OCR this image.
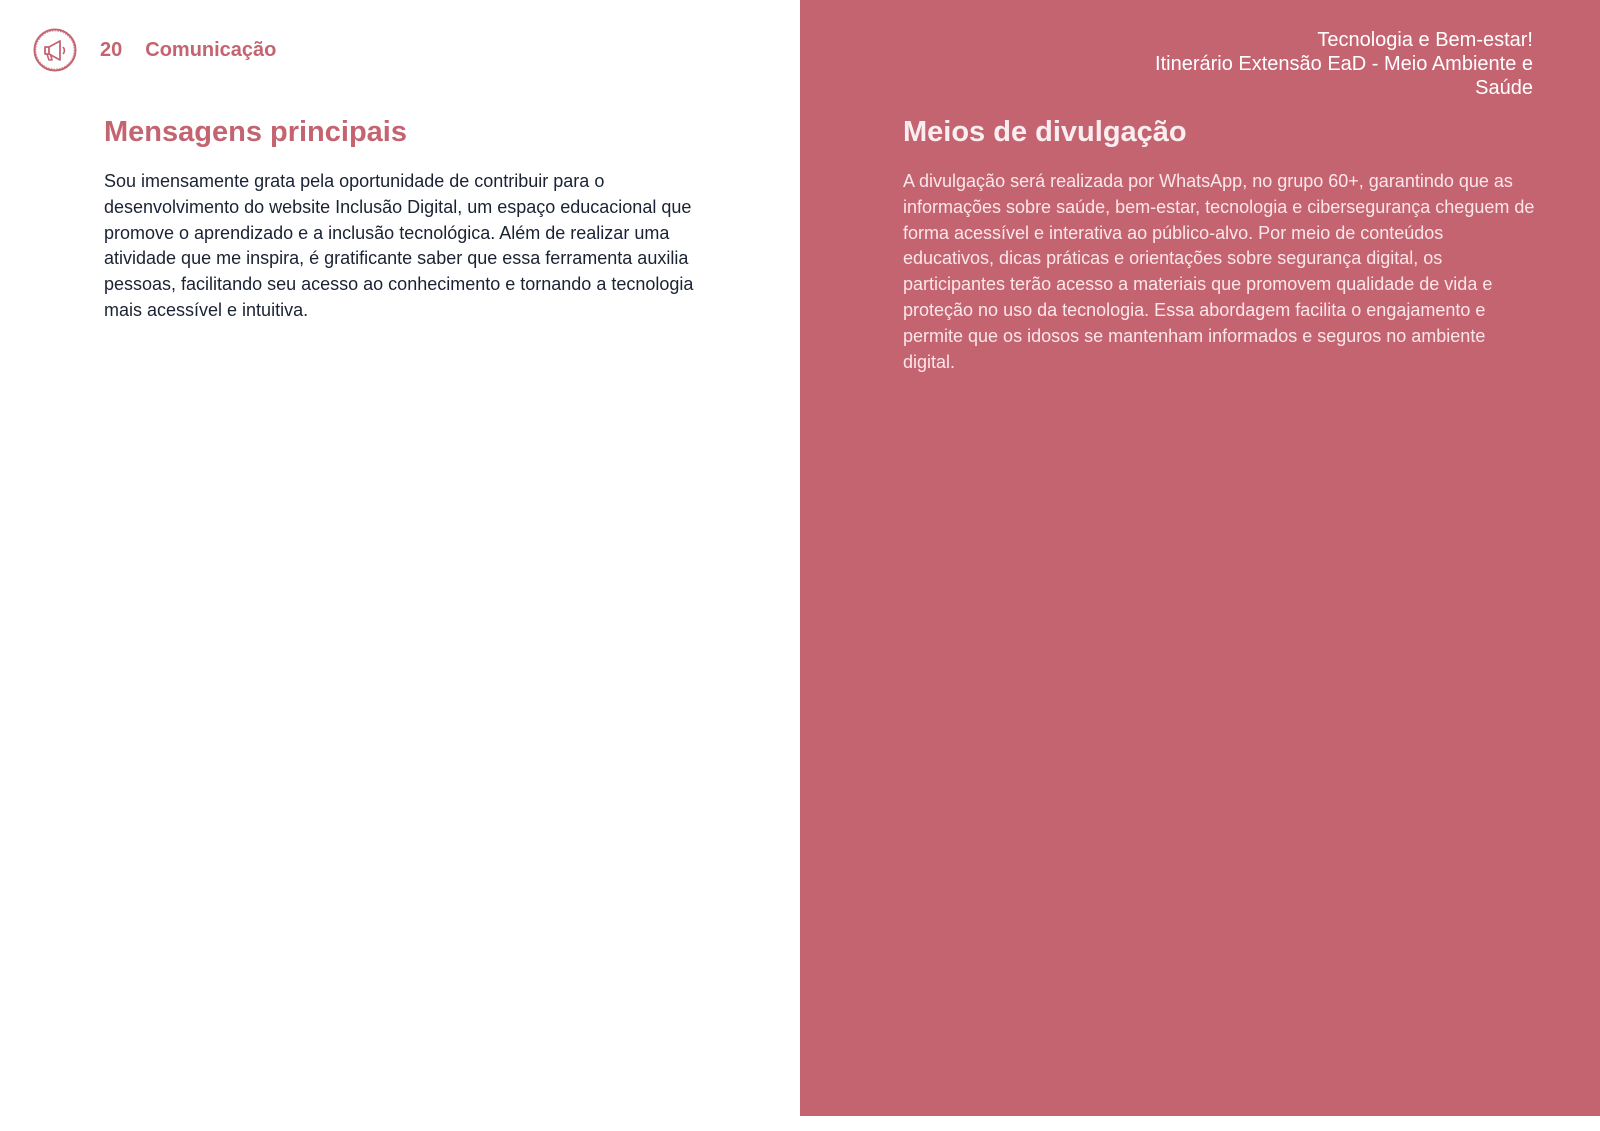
20 Comunicação	Tecnologia e Bem-estar!
Itinerário Extensão EaD - Meio Ambiente e
Saúde
Mensagens principais

Sou imensamente grata pela oportunidade de contribuir para o desenvolvimento do website Inclusão Digital, um espaço educacional que promove o aprendizado e a inclusão tecnológica. Além de realizar uma atividade que me inspira, é gratificante saber que essa ferramenta auxilia pessoas, facilitando seu acesso ao conhecimento e tornando a tecnologia mais acessível e intuitiva.

Meios de divulgação

A divulgação será realizada por WhatsApp, no grupo 60+, garantindo que as informações sobre saúde, bem-estar, tecnologia e cibersegurança cheguem de forma acessível e interativa ao público-alvo. Por meio de conteúdos educativos, dicas práticas e orientações sobre segurança digital, os participantes terão acesso a materiais que promovem qualidade de vida e proteção no uso da tecnologia. Essa abordagem facilita o engajamento e permite que os idosos se mantenham informados e seguros no ambiente digital.
